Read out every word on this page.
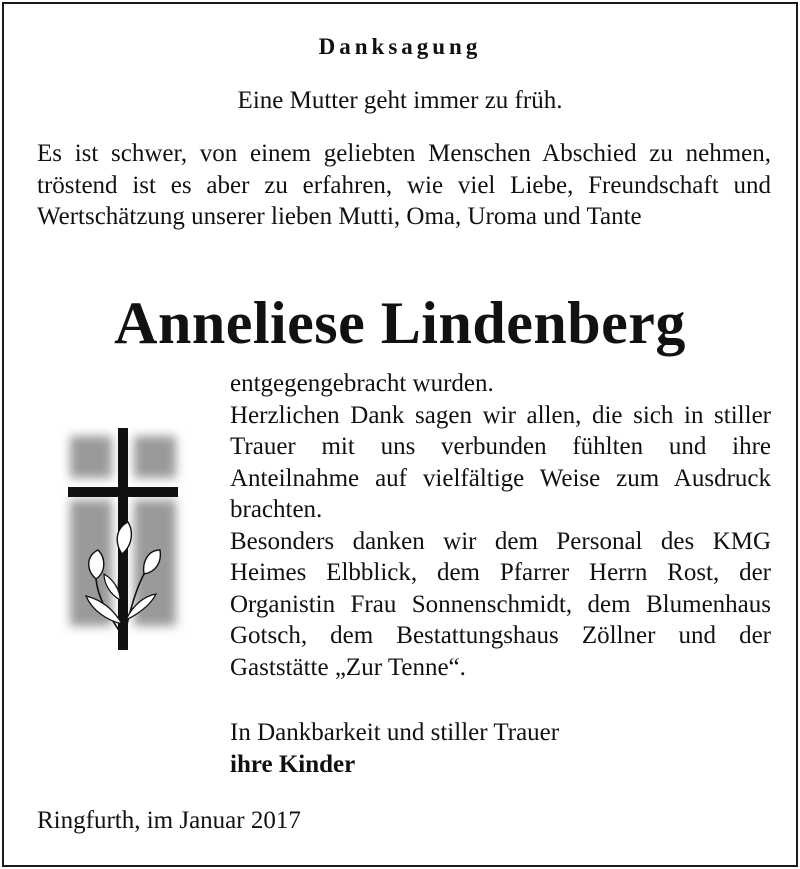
Danksagung
Eine Mutter geht immer zu früh.
Es ist schwer, von einem geliebten Menschen Abschied zu nehmen, tröstend ist es aber zu erfahren, wie viel Liebe, Freundschaft und Wertschätzung unserer lieben Mutti, Oma, Uroma und Tante
Anneliese Lindenberg

entgegengebracht wurden.

Herzlichen Dank sagen wir allen, die sich in stiller Trauer mit uns verbunden fühlten und ihre Anteilnahme auf vielfältige Weise zum Ausdruck brachten.

Besonders danken wir dem Personal des KMG Heimes Elbblick, dem Pfarrer Herrn Rost, der Organistin Frau Sonnenschmidt, dem Blumenhaus Gotsch, dem Bestattungshaus Zöllner und der Gaststätte „Zur Tenne“.

In Dankbarkeit und stiller Trauer
ihre Kinder
Ringfurth, im Januar 2017
